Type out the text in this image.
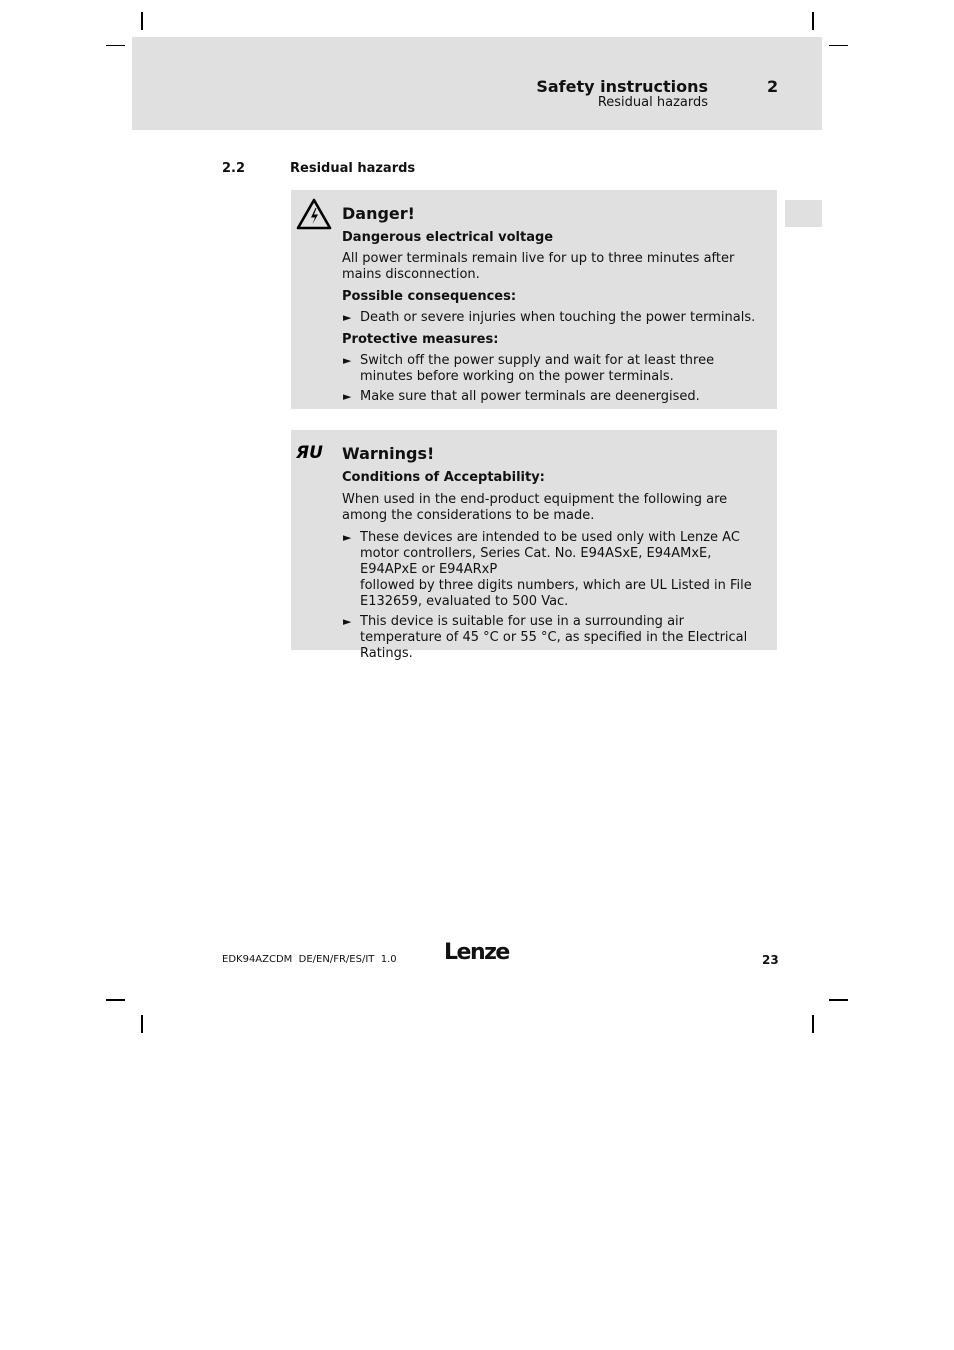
Safety instructions
Residual hazards
2
2.2	Residual hazards
Danger!
Dangerous electrical voltage
All power terminals remain live for up to three minutes after mains disconnection.
Possible consequences:
► Death or severe injuries when touching the power terminals.
Protective measures:
► Switch off the power supply and wait for at least three minutes before working on the power terminals.
► Make sure that all power terminals are deenergised.
ЯU Warnings!
Conditions of Acceptability:
When used in the end-product equipment the following are among the considerations to be made.
► These devices are intended to be used only with Lenze AC motor controllers, Series Cat. No. E94ASxE, E94AMxE, E94APxE or E94ARxP
followed by three digits numbers, which are UL Listed in File E132659, evaluated to 500 Vac.
► This device is suitable for use in a surrounding air temperature of 45 °C or 55 °C, as specified in the Electrical Ratings.
EDK94AZCDM  DE/EN/FR/ES/IT  1.0 Lenze	23
